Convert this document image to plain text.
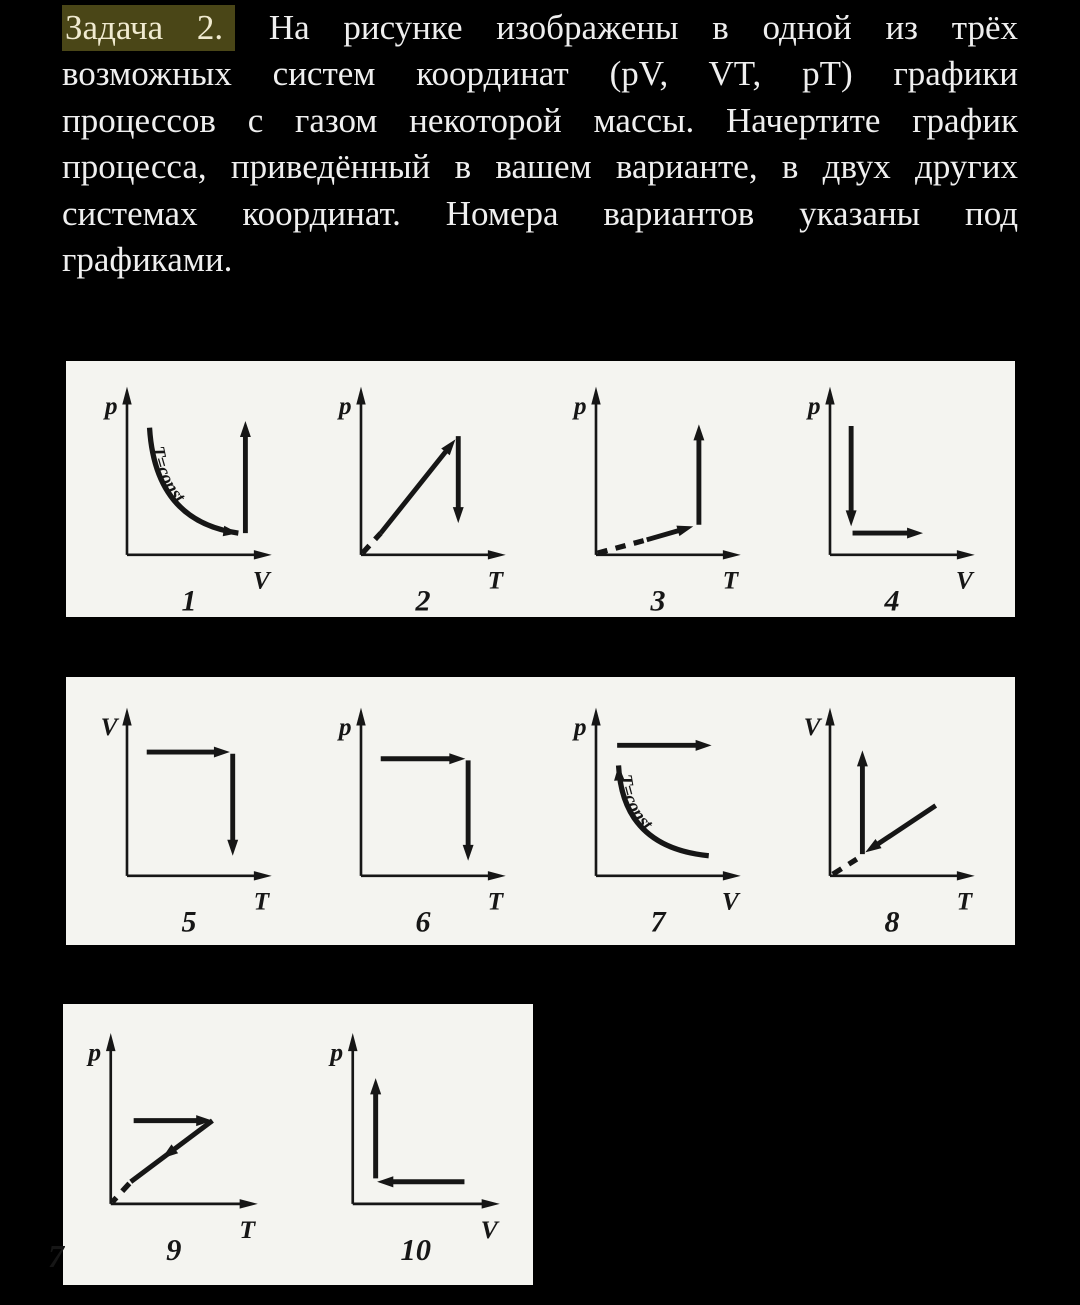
Задача 2. На рисунке изображены в одной из трёх
возможных систем координат (pV, VT, pT) графики
процессов с газом некоторой массы. Начертите график
процесса, приведённый в вашем варианте, в двух других
системах координат. Номера вариантов указаны под
графиками.
p
V
T=const
1
p
T
2
p
T
3
p
V
4
V
T
5
p
T
6
p
V
T=const
7
V
T
8
7
p
T
9
p
V
10
